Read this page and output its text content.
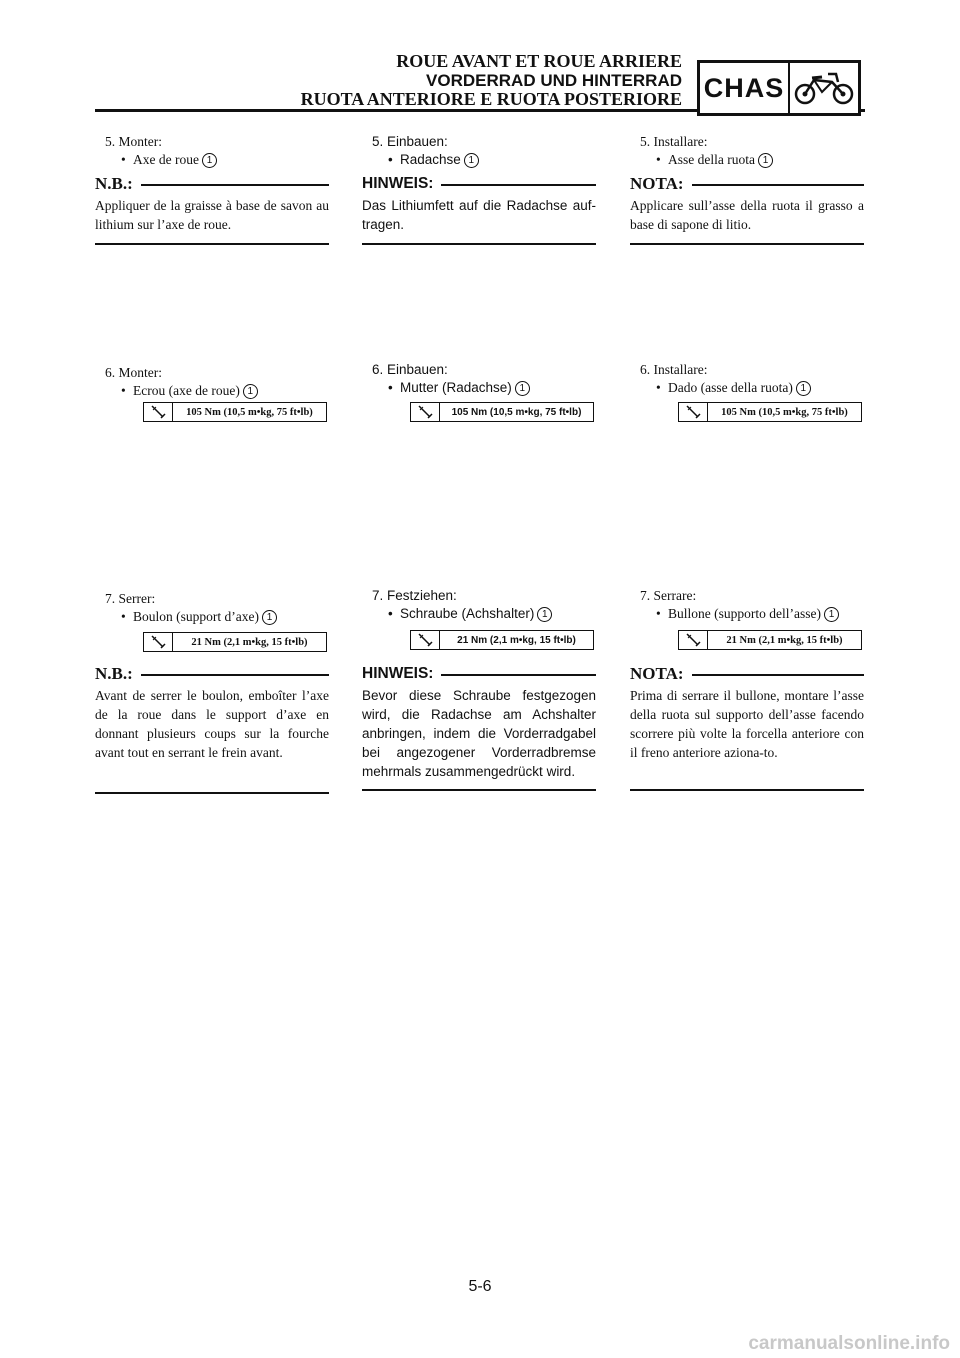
ROUE AVANT ET ROUE ARRIERE
VORDERRAD UND HINTERRAD
RUOTA ANTERIORE E RUOTA POSTERIORE CHAS
5. Monter:
• Axe de roue 1
N.B.:
Appliquer de la graisse à base de savon au lithium sur l’axe de roue.
6. Monter:
• Ecrou (axe de roue) 1
105 Nm (10,5 m•kg, 75 ft•lb)
7. Serrer:
• Boulon (support d’axe) 1
21 Nm (2,1 m•kg, 15 ft•lb)
N.B.:
Avant de serrer le boulon, emboîter l’axe de la roue dans le support d’axe en donnant plusieurs coups sur la fourche avant tout en serrant le frein avant.
5. Einbauen:
• Radachse 1
HINWEIS:
Das Lithiumfett auf die Radachse auf-tragen.
6. Einbauen:
• Mutter (Radachse) 1
105 Nm (10,5 m•kg, 75 ft•lb)
7. Festziehen:
• Schraube (Achshalter) 1
21 Nm (2,1 m•kg, 15 ft•lb)
HINWEIS:
Bevor diese Schraube festgezogen wird, die Radachse am Achshalter anbringen, indem die Vorderradgabel bei angezogener Vorderradbremse mehrmals zusammengedrückt wird.
5. Installare:
• Asse della ruota 1
NOTA:
Applicare sull’asse della ruota il grasso a base di sapone di litio.
6. Installare:
• Dado (asse della ruota) 1
105 Nm (10,5 m•kg, 75 ft•lb)
7. Serrare:
• Bullone (supporto dell’asse) 1
21 Nm (2,1 m•kg, 15 ft•lb)
NOTA:
Prima di serrare il bullone, montare l’asse della ruota sul supporto dell’asse facendo scorrere più volte la forcella anteriore con il freno anteriore aziona-to.
5-6
carmanualsonline.info
